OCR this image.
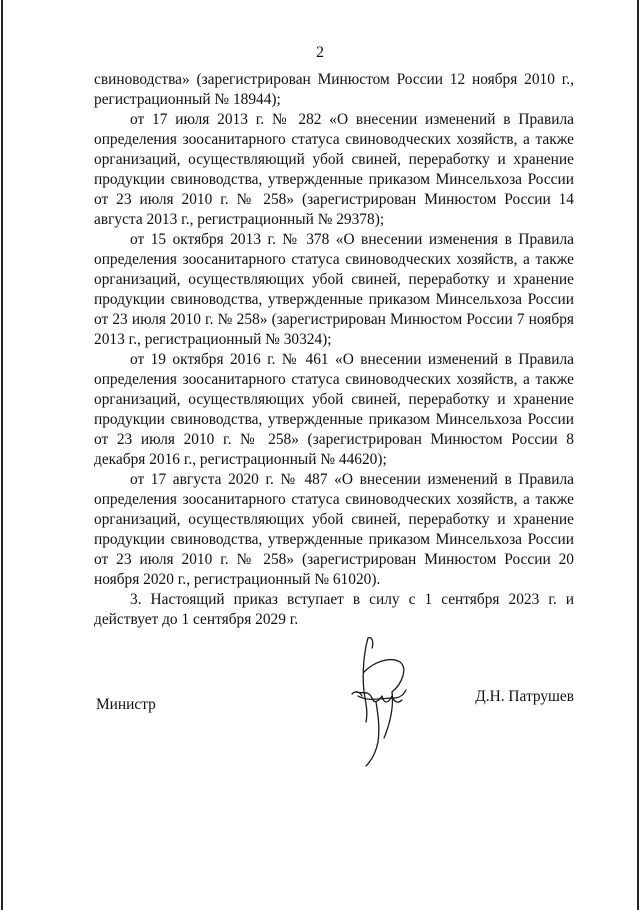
2

свиноводства» (зарегистрирован Минюстом России 12 ноября 2010 г., регистрационный № 18944);

от 17 июля 2013 г. № 282 «О внесении изменений в Правила определения зоосанитарного статуса свиноводческих хозяйств, а также организаций, осуществляющий убой свиней, переработку и хранение продукции свиноводства, утвержденные приказом Минсельхоза России от 23 июля 2010 г. № 258» (зарегистрирован Минюстом России 14 августа 2013 г., регистрационный № 29378);

от 15 октября 2013 г. № 378 «О внесении изменения в Правила определения зоосанитарного статуса свиноводческих хозяйств, а также организаций, осуществляющих убой свиней, переработку и хранение продукции свиноводства, утвержденные приказом Минсельхоза России от 23 июля 2010 г. № 258» (зарегистрирован Минюстом России 7 ноября 2013 г., регистрационный № 30324);

от 19 октября 2016 г. № 461 «О внесении изменений в Правила определения зоосанитарного статуса свиноводческих хозяйств, а также организаций, осуществляющих убой свиней, переработку и хранение продукции свиноводства, утвержденные приказом Минсельхоза России от 23 июля 2010 г. № 258» (зарегистрирован Минюстом России 8 декабря 2016 г., регистрационный № 44620);

от 17 августа 2020 г. № 487 «О внесении изменений в Правила определения зоосанитарного статуса свиноводческих хозяйств, а также организаций, осуществляющих убой свиней, переработку и хранение продукции свиноводства, утвержденные приказом Минсельхоза России от 23 июля 2010 г. № 258» (зарегистрирован Минюстом России 20 ноября 2020 г., регистрационный № 61020).

3. Настоящий приказ вступает в силу с 1 сентября 2023 г. и действует до 1 сентября 2029 г.

Министр	Д.Н. Патрушев
